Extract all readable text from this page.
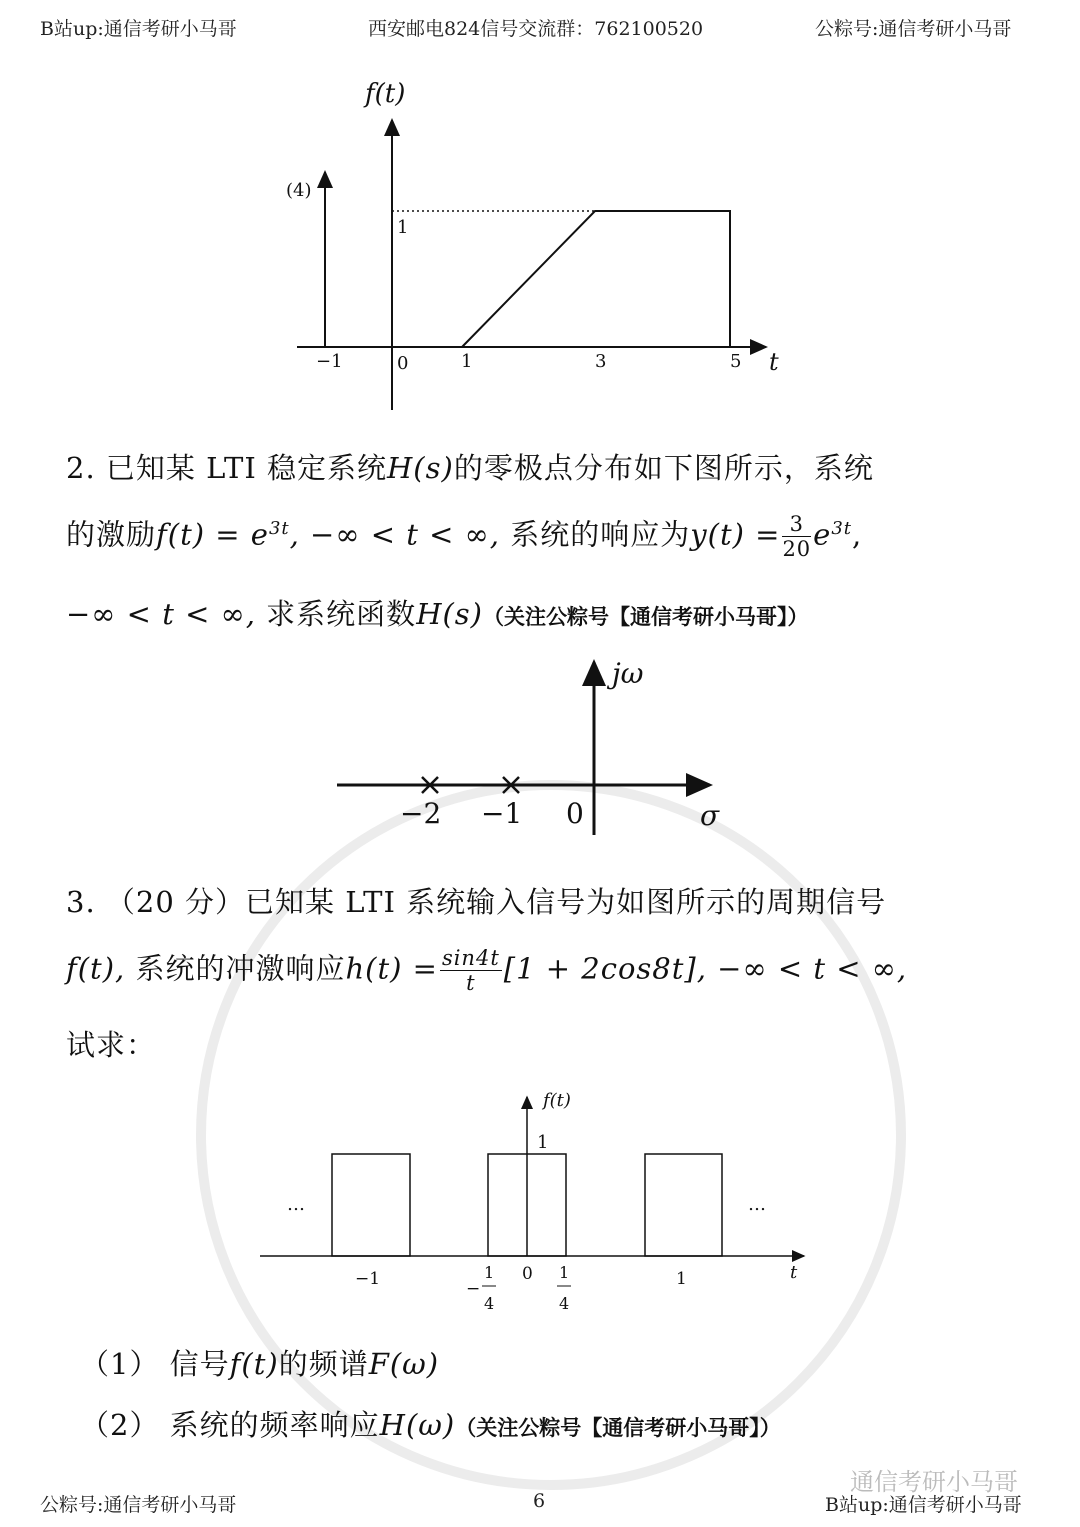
B站up:通信考研小马哥	西安邮电824信号交流群：762100520	公粽号:通信考研小马哥
f(t)
(4)
1
t
−1	0	1	3	5
jω
σ
−2 −1 0
f(t)
1
t
…	…
−1	0	1
−
1
4
1
4
2. 已知某 LTI 稳定系统H(s)的零极点分布如下图所示，系统
的激励$f(t) = e^{3t}$, −∞ < t < ∞, 系统的响应为$y(t) = \frac{3}{20} e^{3t}$,
−∞ < t < ∞, 求系统函数H(s)（关注公粽号【通信考研小马哥】）
3. （20 分）已知某 LTI 系统输入信号为如图所示的周期信号
f(t), 系统的冲激响应$h(t) = \frac{\sin 4t}{t} [1 + 2\cos 8t]$, −∞ < t < ∞,
试求：
（1） 信号f(t)的频谱F(ω)
（2） 系统的频率响应H(ω)（关注公粽号【通信考研小马哥】）
通信考研小马哥
公粽号:通信考研小马哥	6	B站up:通信考研小马哥
